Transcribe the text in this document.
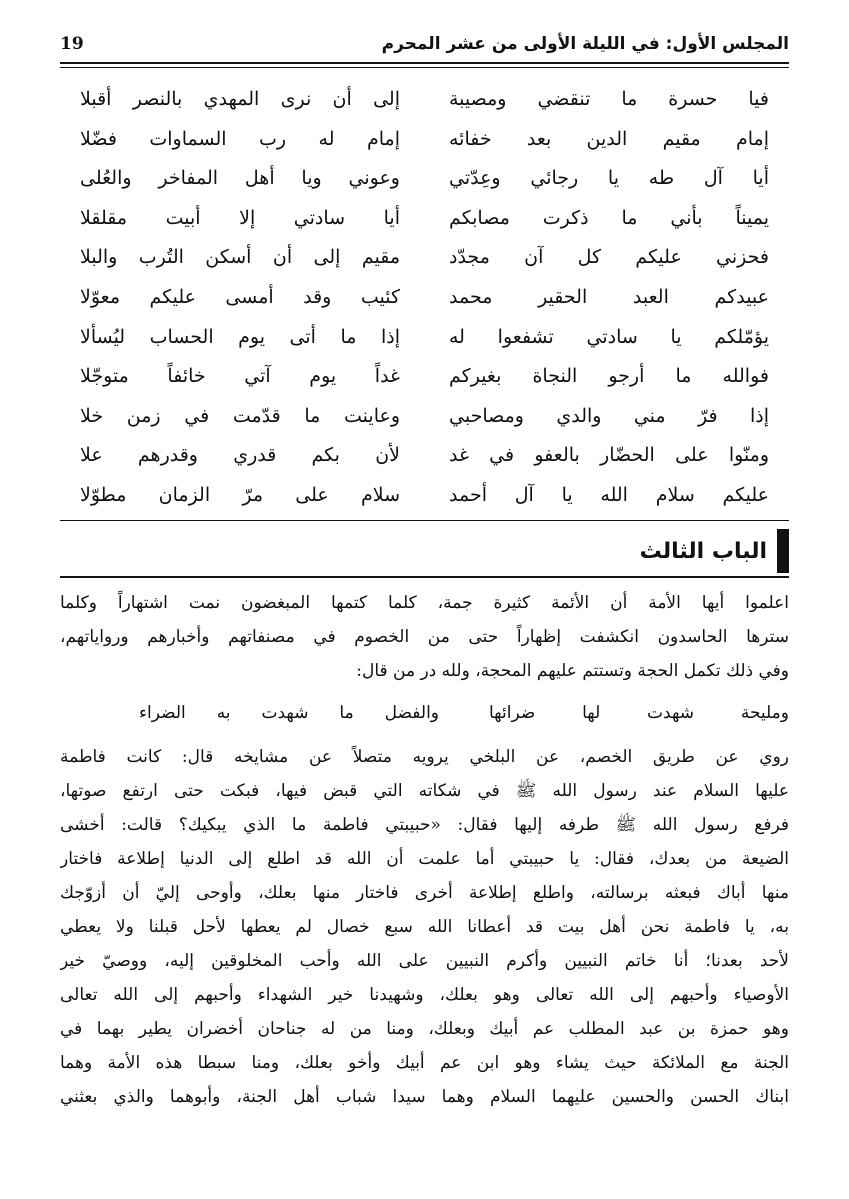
المجلس الأول: في الليلة الأولى من عشر المحرم
19
فيا حسرة ما تنقضي ومصيبة
إلى أن نرى المهدي بالنصر أقبلا
إمام مقيم الدين بعد خفائه
إمام له رب السماوات فضّلا
أيا آل طه يا رجائي وعِدّتي
وعوني ويا أهل المفاخر والعُلى
يميناً بأني ما ذكرت مصابكم
أيا سادتي إلا أبيت مقلقلا
فحزني عليكم كل آن مجدّد
مقيم إلى أن أسكن التُرب والبلا
عبيدكم العبد الحقير محمد
كئيب وقد أمسى عليكم معوّلا
يؤمّلكم يا سادتي تشفعوا له
إذا ما أتى يوم الحساب ليُسألا
فوالله ما أرجو النجاة بغيركم
غداً يوم آتي خائفاً متوجّلا
إذا فرّ مني والدي ومصاحبي
وعاينت ما قدّمت في زمن خلا
ومنّوا على الحضّار بالعفو في غد
لأن بكم قدري وقدرهم علا
عليكم سلام الله يا آل أحمد
سلام على مرّ الزمان مطوّلا
الباب الثالث
اعلموا أيها الأمة أن الأئمة كثيرة جمة، كلما كتمها المبغضون نمت اشتهاراً وكلما
سترها الحاسدون انكشفت إظهاراً حتى من الخصوم في مصنفاتهم وأخبارهم ورواياتهم،
وفي ذلك تكمل الحجة وتستتم عليهم المحجة، ولله در من قال:
ومليحة شهدت لها ضرائها
والفضل ما شهدت به الضراء
روي عن طريق الخصم، عن البلخي يرويه متصلاً عن مشايخه قال: كانت فاطمة
عليها السلام عند رسول الله ﷺ في شكاته التي قبض فيها، فبكت حتى ارتفع صوتها،
فرفع رسول الله ﷺ طرفه إليها فقال: «حبيبتي فاطمة ما الذي يبكيك؟ قالت: أخشى
الضيعة من بعدك، فقال: يا حبيبتي أما علمت أن الله قد اطلع إلى الدنيا إطلاعة فاختار
منها أباك فبعثه برسالته، واطلع إطلاعة أخرى فاختار منها بعلك، وأوحى إليّ أن أزوّجك
به، يا فاطمة نحن أهل بيت قد أعطانا الله سبع خصال لم يعطها لأحل قبلنا ولا يعطي
لأحد بعدنا؛ أنا خاتم النبيين وأكرم النبيين على الله وأحب المخلوقين إليه، ووصيّ خير
الأوصياء وأحبهم إلى الله تعالى وهو بعلك، وشهيدنا خير الشهداء وأحبهم إلى الله تعالى
وهو حمزة بن عبد المطلب عم أبيك وبعلك، ومنا من له جناحان أخضران يطير بهما في
الجنة مع الملائكة حيث يشاء وهو ابن عم أبيك وأخو بعلك، ومنا سبطا هذه الأمة وهما
ابناك الحسن والحسين عليهما السلام وهما سيدا شباب أهل الجنة، وأبوهما والذي بعثني
